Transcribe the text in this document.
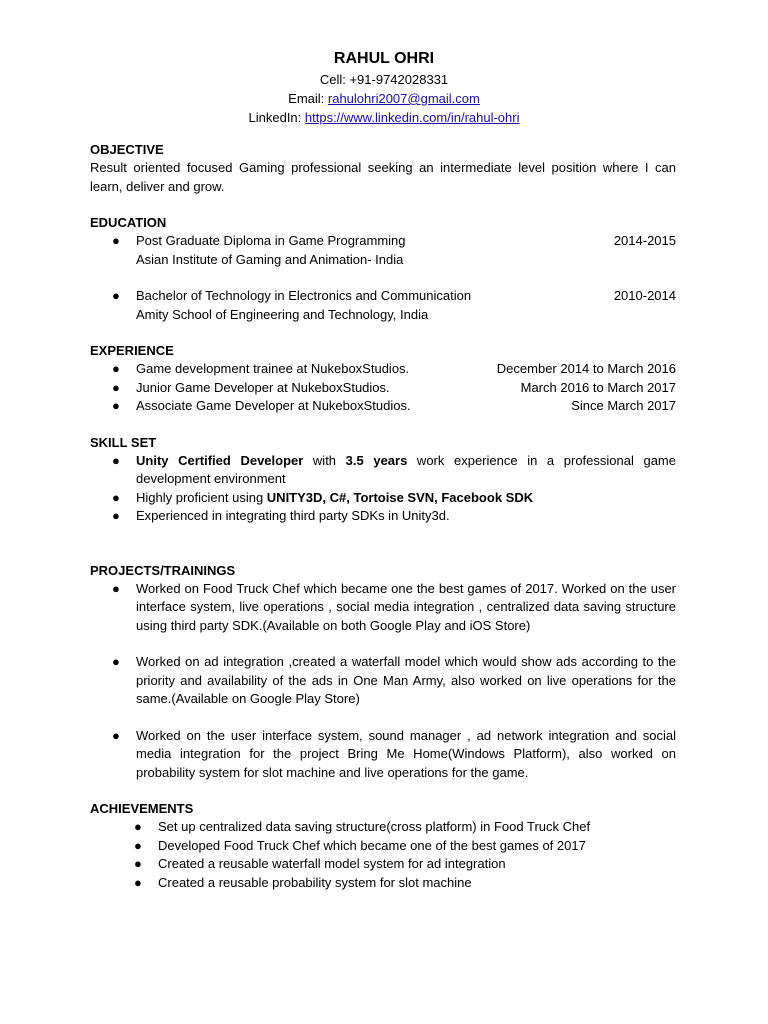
RAHUL OHRI
Cell: +91-9742028331
Email: rahulohri2007@gmail.com
LinkedIn: https://www.linkedin.com/in/rahul-ohri
OBJECTIVE
Result oriented focused Gaming professional seeking an intermediate level position where I can learn, deliver and grow.
EDUCATION
● Post Graduate Diploma in Game Programming	2014-2015
Asian Institute of Gaming and Animation- India
● Bachelor of Technology in Electronics and Communication	2010-2014
Amity School of Engineering and Technology, India
EXPERIENCE
● Game development trainee at NukeboxStudios.	December 2014 to March 2016
● Junior Game Developer at NukeboxStudios.	March 2016 to March 2017
● Associate Game Developer at NukeboxStudios.	Since March 2017
SKILL SET
● Unity Certified Developer with 3.5 years work experience in a professional game development environment
● Highly proficient using UNITY3D, C#, Tortoise SVN, Facebook SDK
● Experienced in integrating third party SDKs in Unity3d.
PROJECTS/TRAININGS
● Worked on Food Truck Chef which became one the best games of 2017. Worked on the user interface system, live operations , social media integration , centralized data saving structure using third party SDK.(Available on both Google Play and iOS Store)
● Worked on ad integration ,created a waterfall model which would show ads according to the priority and availability of the ads in One Man Army, also worked on live operations for the same.(Available on Google Play Store)
● Worked on the user interface system, sound manager , ad network integration and social media integration for the project Bring Me Home(Windows Platform), also worked on probability system for slot machine and live operations for the game.
ACHIEVEMENTS
● Set up centralized data saving structure(cross platform) in Food Truck Chef
● Developed Food Truck Chef which became one of the best games of 2017
● Created a reusable waterfall model system for ad integration
● Created a reusable probability system for slot machine
